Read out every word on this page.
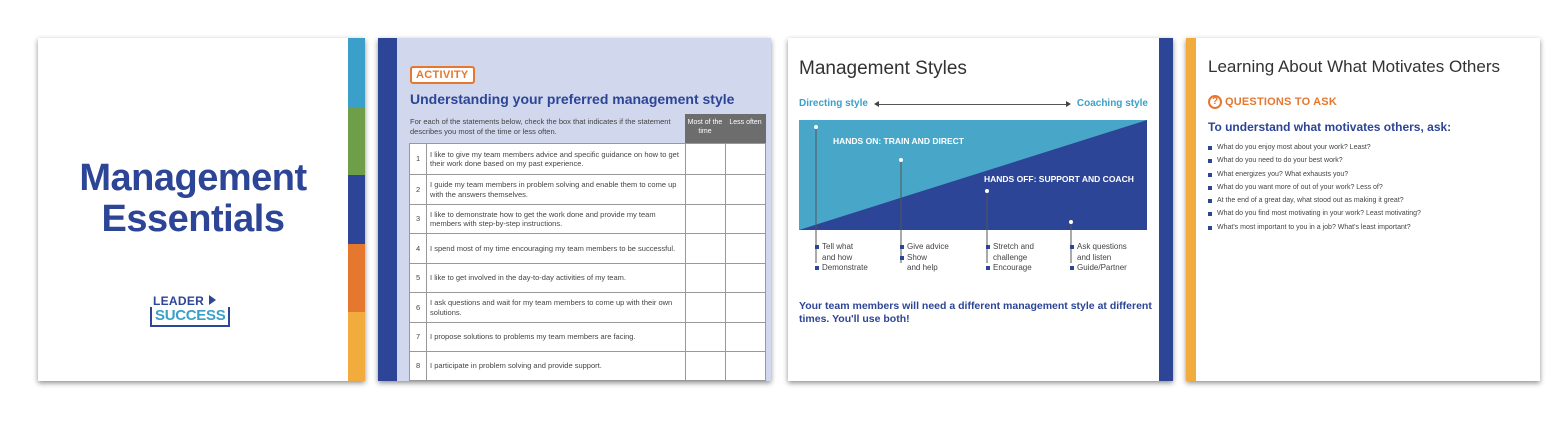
Management
Essentials
LEADER
SUCCESS
ACTIVITY
Understanding your preferred management style
For each of the statements below, check the box that indicates if the statement describes you most of the time or less often.
Most of the time
Less often
1	I like to give my team members advice and specific guidance on how to get their work done based on my past experience.		
2	I guide my team members in problem solving and enable them to come up with the answers themselves.		
3	I like to demonstrate how to get the work done and provide my team members with step-by-step instructions.		
4	I spend most of my time encouraging my team members to be successful.		
5	I like to get involved in the day-to-day activities of my team.		
6	I ask questions and wait for my team members to come up with their own solutions.		
7	I propose solutions to problems my team members are facing.		
8	I participate in problem solving and provide support.		
Management Styles
Directing style	Coaching style
HANDS ON: TRAIN AND DIRECT
HANDS OFF: SUPPORT AND COACH
Tell what
and how
Demonstrate
Give advice
Show
and help
Stretch and
challenge
Encourage
Ask questions
and listen
Guide/Partner
Your team members will need a different management style at different times. You'll use both!
Learning About What Motivates Others
? QUESTIONS TO ASK
To understand what motivates others, ask:
What do you enjoy most about your work? Least?
What do you need to do your best work?
What energizes you? What exhausts you?
What do you want more of out of your work? Less of?
At the end of a great day, what stood out as making it great?
What do you find most motivating in your work? Least motivating?
What's most important to you in a job? What's least important?
